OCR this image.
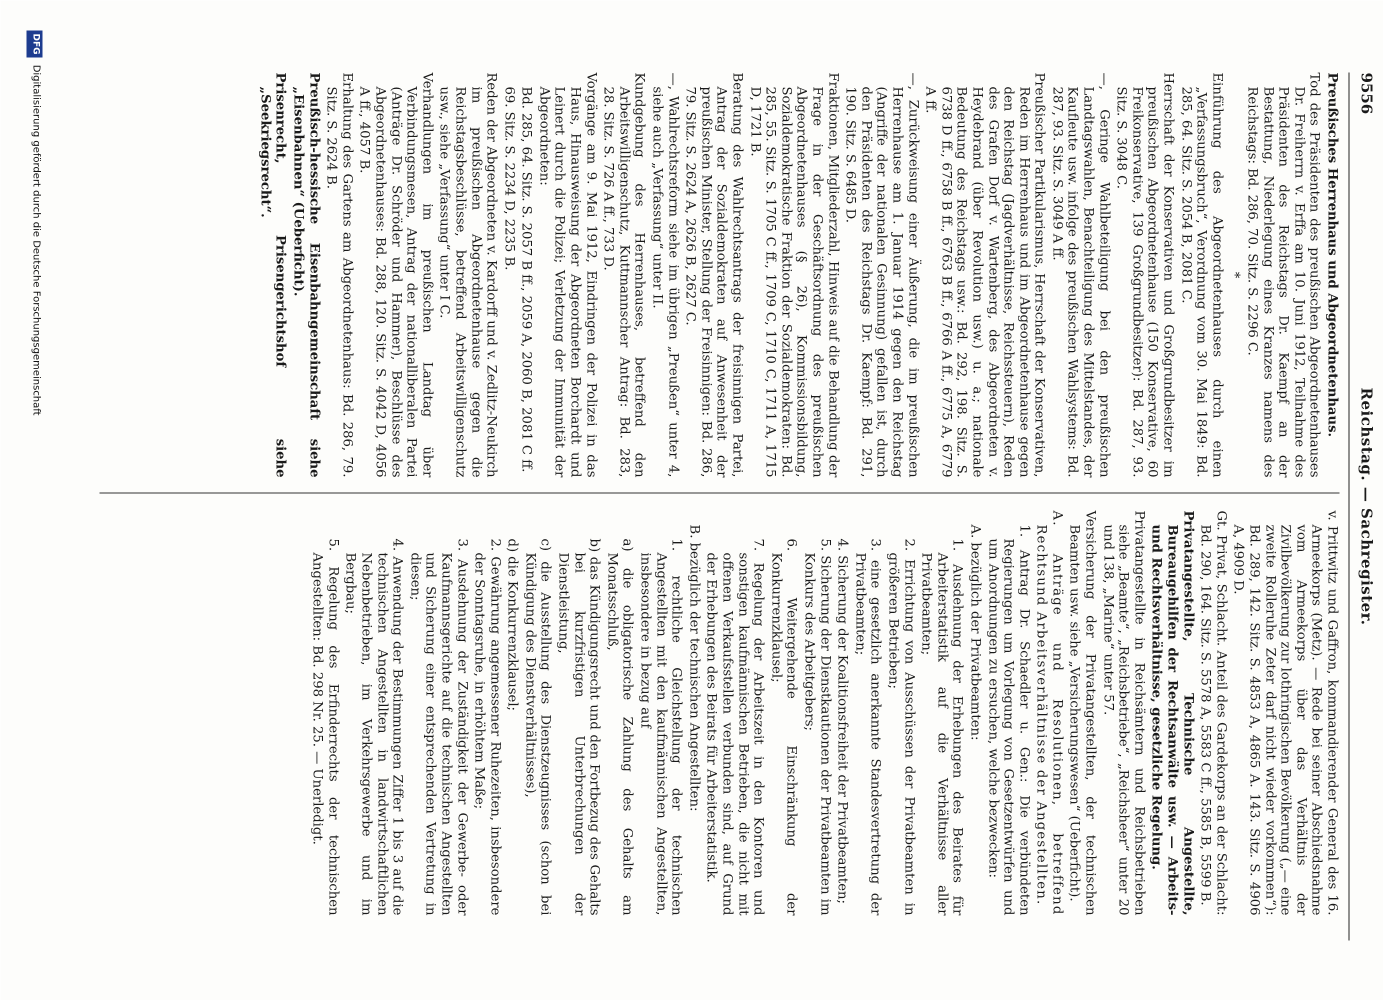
9556
Reichstag. — Sachregister.

Preußisches Herrenhaus und Abgeordnetenhaus.

Tod des Präsidenten des preußischen Abgeordnetenhauses Dr. Freiherrn v. Erffa am 10. Juni 1912, Teilnahme des Präsidenten des Reichstags Dr. Kaempf an der Bestattung, Niederlegung eines Kranzes namens des Reichstags: Bd. 286, 70. Sitz. S. 2296 C.

*

Einführung des Abgeordnetenhauses durch einen „Verfassungsbruch“, Verordnung vom 30. Mai 1849: Bd. 285, 64. Sitz. S. 2054 B, 2081 C.

Herrschaft der Konservativen und Großgrundbesitzer im preußischen Abgeordnetenhause (150 Konservative, 60 Freikonservative, 139 Großgrundbesitzer): Bd. 287, 93. Sitz. S. 3048 C.

—, Geringe Wahlbeteiligung bei den preußischen Landtagswahlen, Benachteiligung des Mittelstandes, der Kaufleute usw. infolge des preußischen Wahlsystems: Bd. 287, 93. Sitz. S. 3049 A ff.

Preußischer Partikularismus, Herrschaft der Konservativen, Reden im Herrenhaus und im Abgeordnetenhause gegen den Reichstag (Jagdverhältnisse, Reichssteuern), Reden des Grafen Dorf v. Wartenberg, des Abgeordneten v. Heydebrand (über Revolution usw.) u. a.; nationale Bedeutung des Reichstags usw.: Bd. 292, 198. Sitz. S. 6738 D ff., 6758 B ff., 6763 B ff., 6766 A ff., 6775 A, 6779 A ff.

—, Zurückweisung einer Äußerung, die im preußischen Herrenhause am 1. Januar 1914 gegen den Reichstag (Angriffe der nationalen Gesinnung) gefallen ist, durch den Präsidenten des Reichstags Dr. Kaempf: Bd. 291, 190. Sitz. S. 6485 D.

Fraktionen, Mitgliederzahl, Hinweis auf die Behandlung der Frage in der Geschäftsordnung des preußischen Abgeordnetenhauses (§ 26), Kommissionsbildung, Sozialdemokratische Fraktion der Sozialdemokraten: Bd. 285, 55. Sitz. S. 1705 C ff., 1709 C, 1710 C, 1711 A, 1715 D, 1721 B.

Beratung des Wahlrechtsantrags der freisinnigen Partei, Antrag der Sozialdemokraten auf Anwesenheit der preußischen Minister, Stellung der Freisinnigen: Bd. 286, 79. Sitz. S. 2624 A, 2626 B, 2627 C.

—, Wahlrechtsreform siehe im übrigen „Preußen“ unter 4, siehe auch „Verfassung“ unter II.

Kundgebung des Herrenhauses, betreffend den Arbeitswilligenschutz, Kuttmannscher Antrag: Bd. 283, 28. Sitz. S. 726 A ff., 733 D.

Vorgänge am 9. Mai 1912, Eindringen der Polizei in das Haus, Hinausweisung der Abgeordneten Borchardt und Leinert durch die Polizei; Verletzung der Immunität der Abgeordneten:

Bd. 285, 64. Sitz. S. 2057 B ff., 2059 A, 2060 B, 2081 C ff.

69. Sitz. S. 2234 D, 2235 B.

Reden der Abgeordneten v. Kardorff und v. Zedlitz-Neukirch im preußischen Abgeordnetenhause gegen die Reichstagsbeschlüsse, betreffend Arbeitswilligenschutz usw., siehe „Verfassung“ unter I C.

Verhandlungen im preußischen Landtag über Verbindungsmesen, Antrag der nationalliberalen Partei (Anträge Dr. Schröder und Hammer), Beschlüsse des Abgeordnetenhauses: Bd. 288, 120. Sitz. S. 4042 D, 4056 A ff., 4057 B.

Erhaltung des Gartens am Abgeordnetenhaus: Bd. 286, 79. Sitz. S. 2624 B.

Preußisch-hessische Eisenbahngemeinschaft siehe „Eisenbahnen“ (Ueberficht).

Prisenrecht, Prisengerichtshof siehe „Seekriegsrecht“.

v. Prittwitz und Gaffron, kommandierender General des 16. Armeekorps (Metz). — Rede bei seiner Abschiedsnahme vom Armeekorps über das Verhältnis der Zivilbevölkerung zur lothringischen Bevölkerung („— eine zweite Rolleruhe Zeter darf nicht wieder vorkommen“): Bd. 289, 142. Sitz. S. 4853 A, 4865 A. 143. Sitz. S. 4906 A, 4909 D.

Gt. Privat, Schlacht. Anteil des Gardekorps an der Schlacht: Bd. 290, 164. Sitz. S. 5578 A, 5583 C ff., 5585 B, 5599 B.

Privatangestellte, Technische Angestellte, Bureaugehilfen der Rechtsanwälte usw. — Arbeits- und Rechtsverhältnisse, gesetzliche Regelung.

Privatangestellte in Reichsämtern und Reichsbetrieben siehe „Beamte“, „Reichsbetriebe“, „Reichsheer“ unter 20 und 138, „Marine“ unter 57.

Versicherung der Privatangestellten, der technischen Beamten usw. siehe „Versicherungswesen“ (Ueberficht).

A. Anträge und Resolutionen, betreffend Rechtsund Arbeitsverhältnisse der Angestellten.

1. Antrag Dr. Schaedler u. Gen.: Die verbündeten Regierungen um Vorlegung von Gesetzentwürfen und um Anordnungen zu ersuchen, welche bezwecken:

A. bezüglich der Privatbeamten:

1. Ausdehnung der Erhebungen des Beirates für Arbeiterstatistik auf die Verhältnisse aller Privatbeamten;

2. Errichtung von Ausschüssen der Privatbeamten in größeren Betrieben;

3. eine gesetzlich anerkannte Standesvertretung der Privatbeamten;

4. Sicherung der Koalitionsfreiheit der Privatbeamten;

5. Sicherung der Dienstkautionen der Privatbeamten im Konkurs des Arbeitgebers;

6. Weitergehende Einschränkung der Konkurrenzklausel;

7. Regelung der Arbeitszeit in den Kontoren und sonstigen kaufmännischen Betrieben, die nicht mit offenen Verkaufsstellen verbunden sind, auf Grund der Erhebungen des Beirats für Arbeiterstatistik.

B. bezüglich der technischen Angestellten:

1. rechtliche Gleichstellung der technischen Angestellten mit den kaufmännischen Angestellten, insbesondere in bezug auf

a) die obligatorische Zahlung des Gehalts am Monatsschluß,

b) das Kündigungsrecht und den Fortbezug des Gehalts bei kurzfristigen Unterbrechungen der Dienstleistung,

c) die Ausstellung des Dienstzeugnisses (schon bei Kündigung des Dienstverhältnisses),

d) die Konkurrenzklausel;

2. Gewährung angemessener Ruhezeiten, insbesondere der Sonntagsruhe, in erhöhtem Maße;

3. Ausdehnung der Zuständigkeit der Gewerbe- oder Kaufmannsgerichte auf die technischen Angestellten und Sicherung einer entsprechenden Vertretung in diesen;

4. Anwendung der Bestimmungen Ziffer 1 bis 3 auf die technischen Angestellten in landwirtschaftlichen Nebenbetrieben, im Verkehrsgewerbe und im Bergbau;

5. Regelung des Erfinderrechts der technischen Angestellten: Bd. 298 Nr. 25. — Unerledigt.

DFG Digitalisierung gefördert durch die Deutsche Forschungsgemeinschaft
